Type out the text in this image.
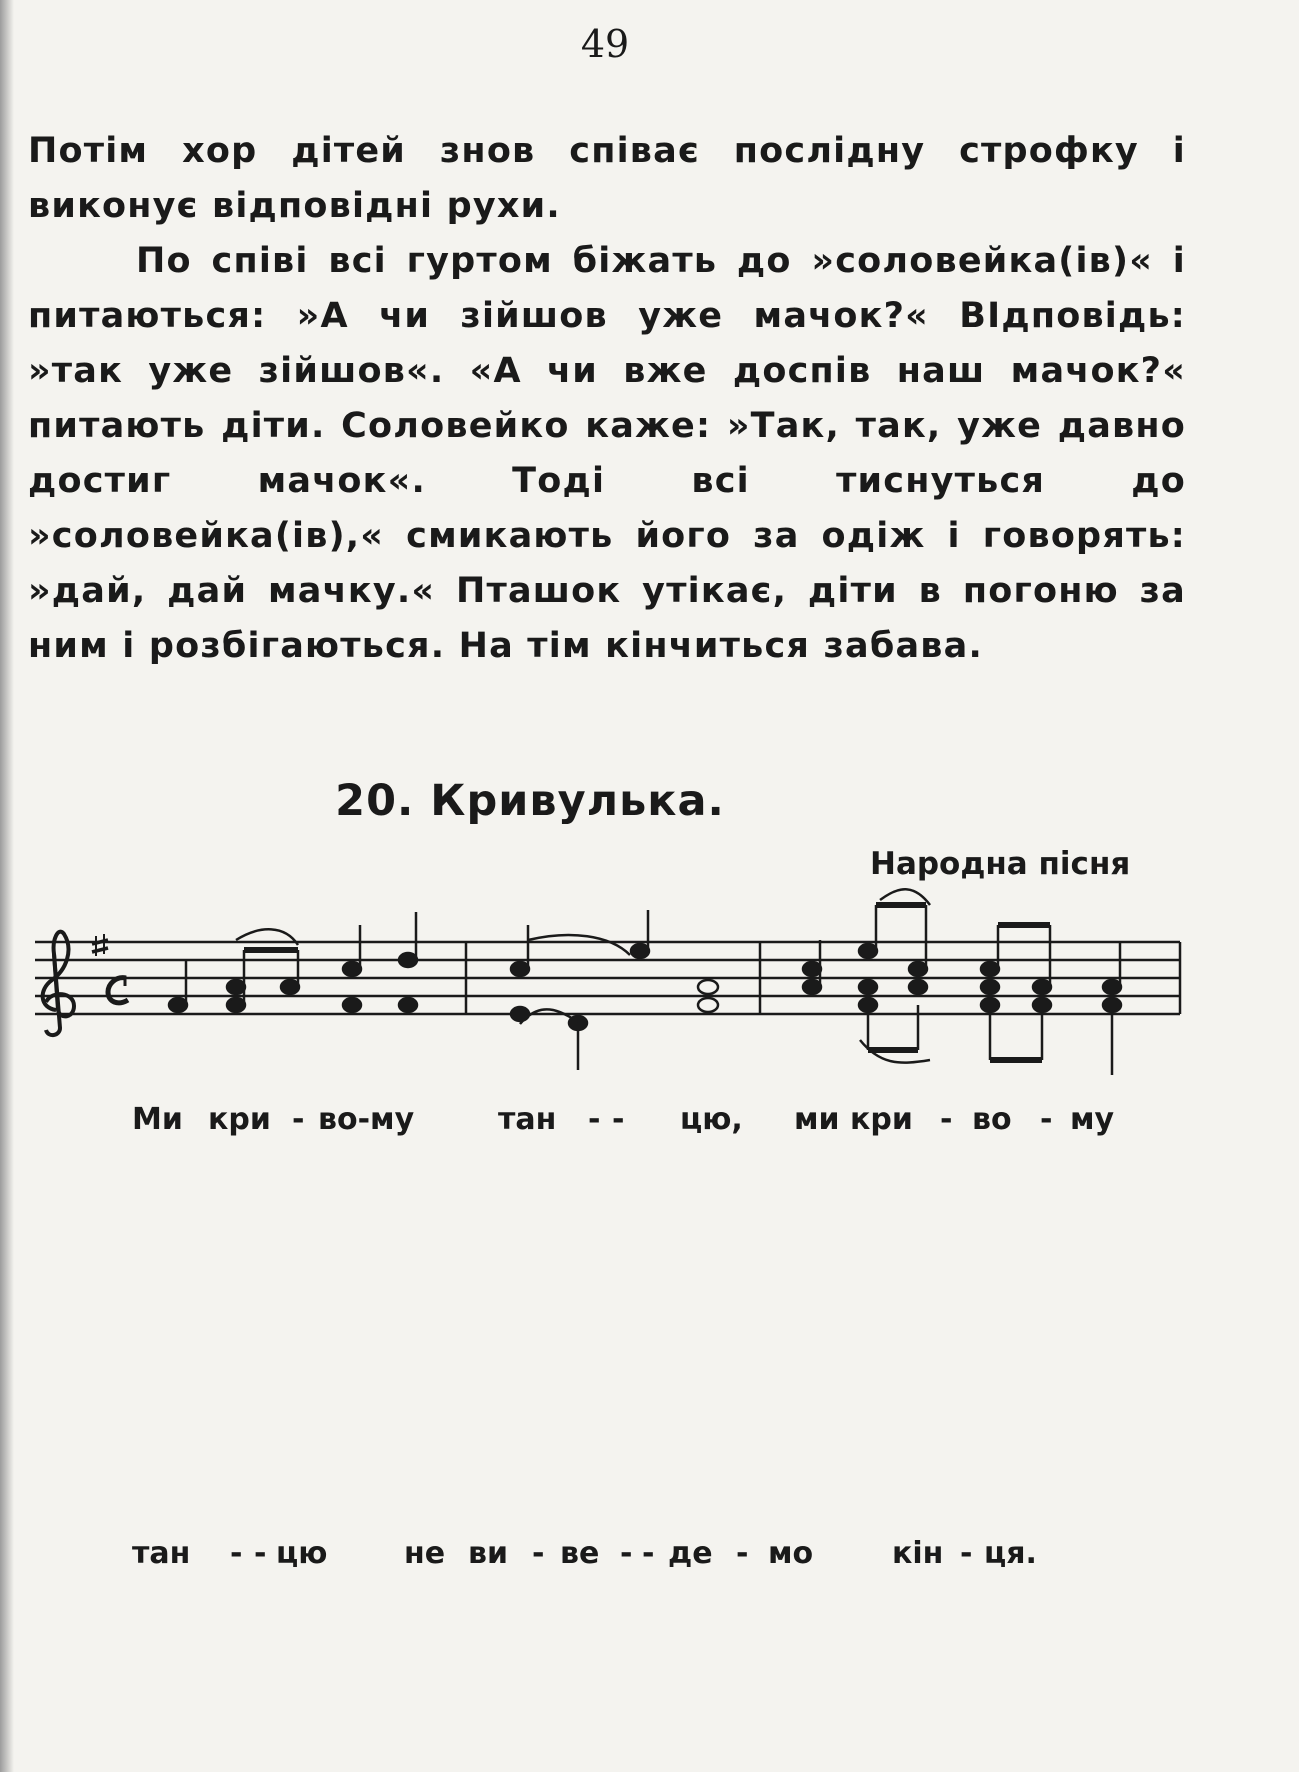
49

Потім хор дітей знов співає послідну строфку і виконує відповідні рухи.

По співі всі гуртом біжать до »соловейка(ів)« і питаються: »А чи зійшов уже мачок?« ВІдповідь: »так уже зійшов«. «А чи вже доспів наш мачок?« питають діти. Соловейко каже: »Так, так, уже давно достиг мачок«. Тоді всі тиснуться до »соловейка(ів),« смикають його за одіж і говорять: »дай, дай мачку.« Пташок утікає, діти в погоню за ним і розбігаються. На тім кінчиться забава.

20. Кривулька.
Народна пісня
Ми кри - во-му	тан - - цю, ми кри - во - му
тан - - цю	не ви - ве - - де - мо	кін - ця.
